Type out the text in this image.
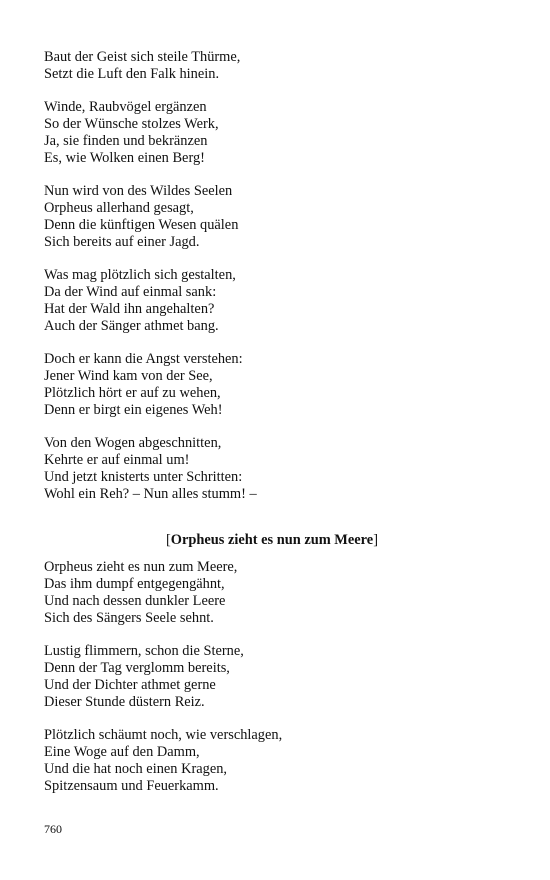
Baut der Geist sich steile Thürme,
Setzt die Luft den Falk hinein.
Winde, Raubvögel ergänzen
So der Wünsche stolzes Werk,
Ja, sie finden und bekränzen
Es, wie Wolken einen Berg!
Nun wird von des Wildes Seelen
Orpheus allerhand gesagt,
Denn die künftigen Wesen quälen
Sich bereits auf einer Jagd.
Was mag plötzlich sich gestalten,
Da der Wind auf einmal sank:
Hat der Wald ihn angehalten?
Auch der Sänger athmet bang.
Doch er kann die Angst verstehen:
Jener Wind kam von der See,
Plötzlich hört er auf zu wehen,
Denn er birgt ein eigenes Weh!
Von den Wogen abgeschnitten,
Kehrte er auf einmal um!
Und jetzt knisterts unter Schritten:
Wohl ein Reh? – Nun alles stumm! –
[Orpheus zieht es nun zum Meere]
Orpheus zieht es nun zum Meere,
Das ihm dumpf entgegengähnt,
Und nach dessen dunkler Leere
Sich des Sängers Seele sehnt.
Lustig flimmern, schon die Sterne,
Denn der Tag verglomm bereits,
Und der Dichter athmet gerne
Dieser Stunde düstern Reiz.
Plötzlich schäumt noch, wie verschlagen,
Eine Woge auf den Damm,
Und die hat noch einen Kragen,
Spitzensaum und Feuerkamm.
760
